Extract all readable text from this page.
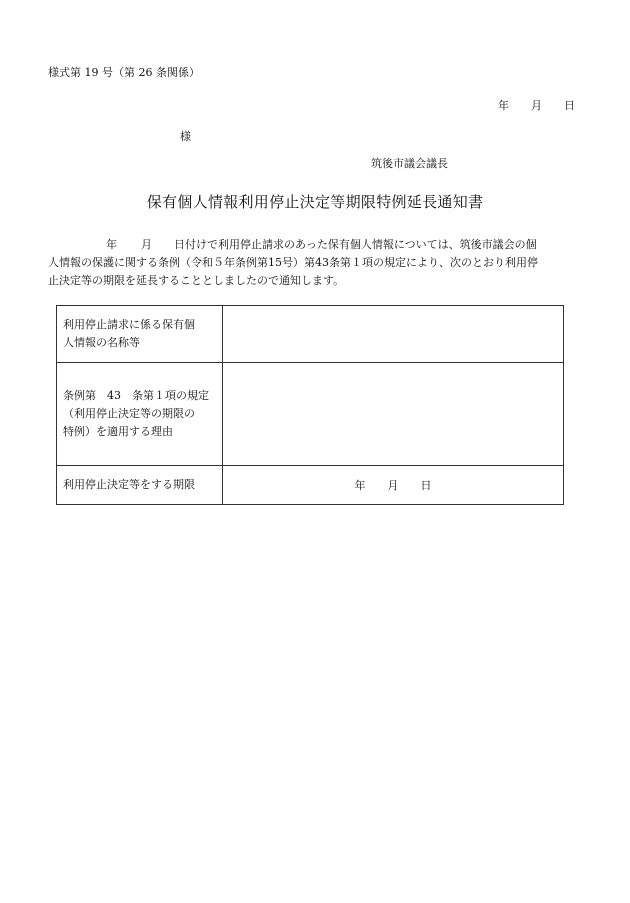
様式第 19 号（第 26 条関係）
年 月 日
様
筑後市議会議長
保有個人情報利用停止決定等期限特例延長通知書
年 月 日付けで利用停止請求のあった保有個人情報については、筑後市議会の個
人情報の保護に関する条例（令和５年条例第15号）第43条第１項の規定により、次のとおり利用停
止決定等の期限を延長することとしましたので通知します。
利用停止請求に係る保有個
人情報の名称等	

条例第　43　条第１項の規定
（利用停止決定等の期限の
特例）を適用する理由	

利用停止決定等をする期限	年 月 日
